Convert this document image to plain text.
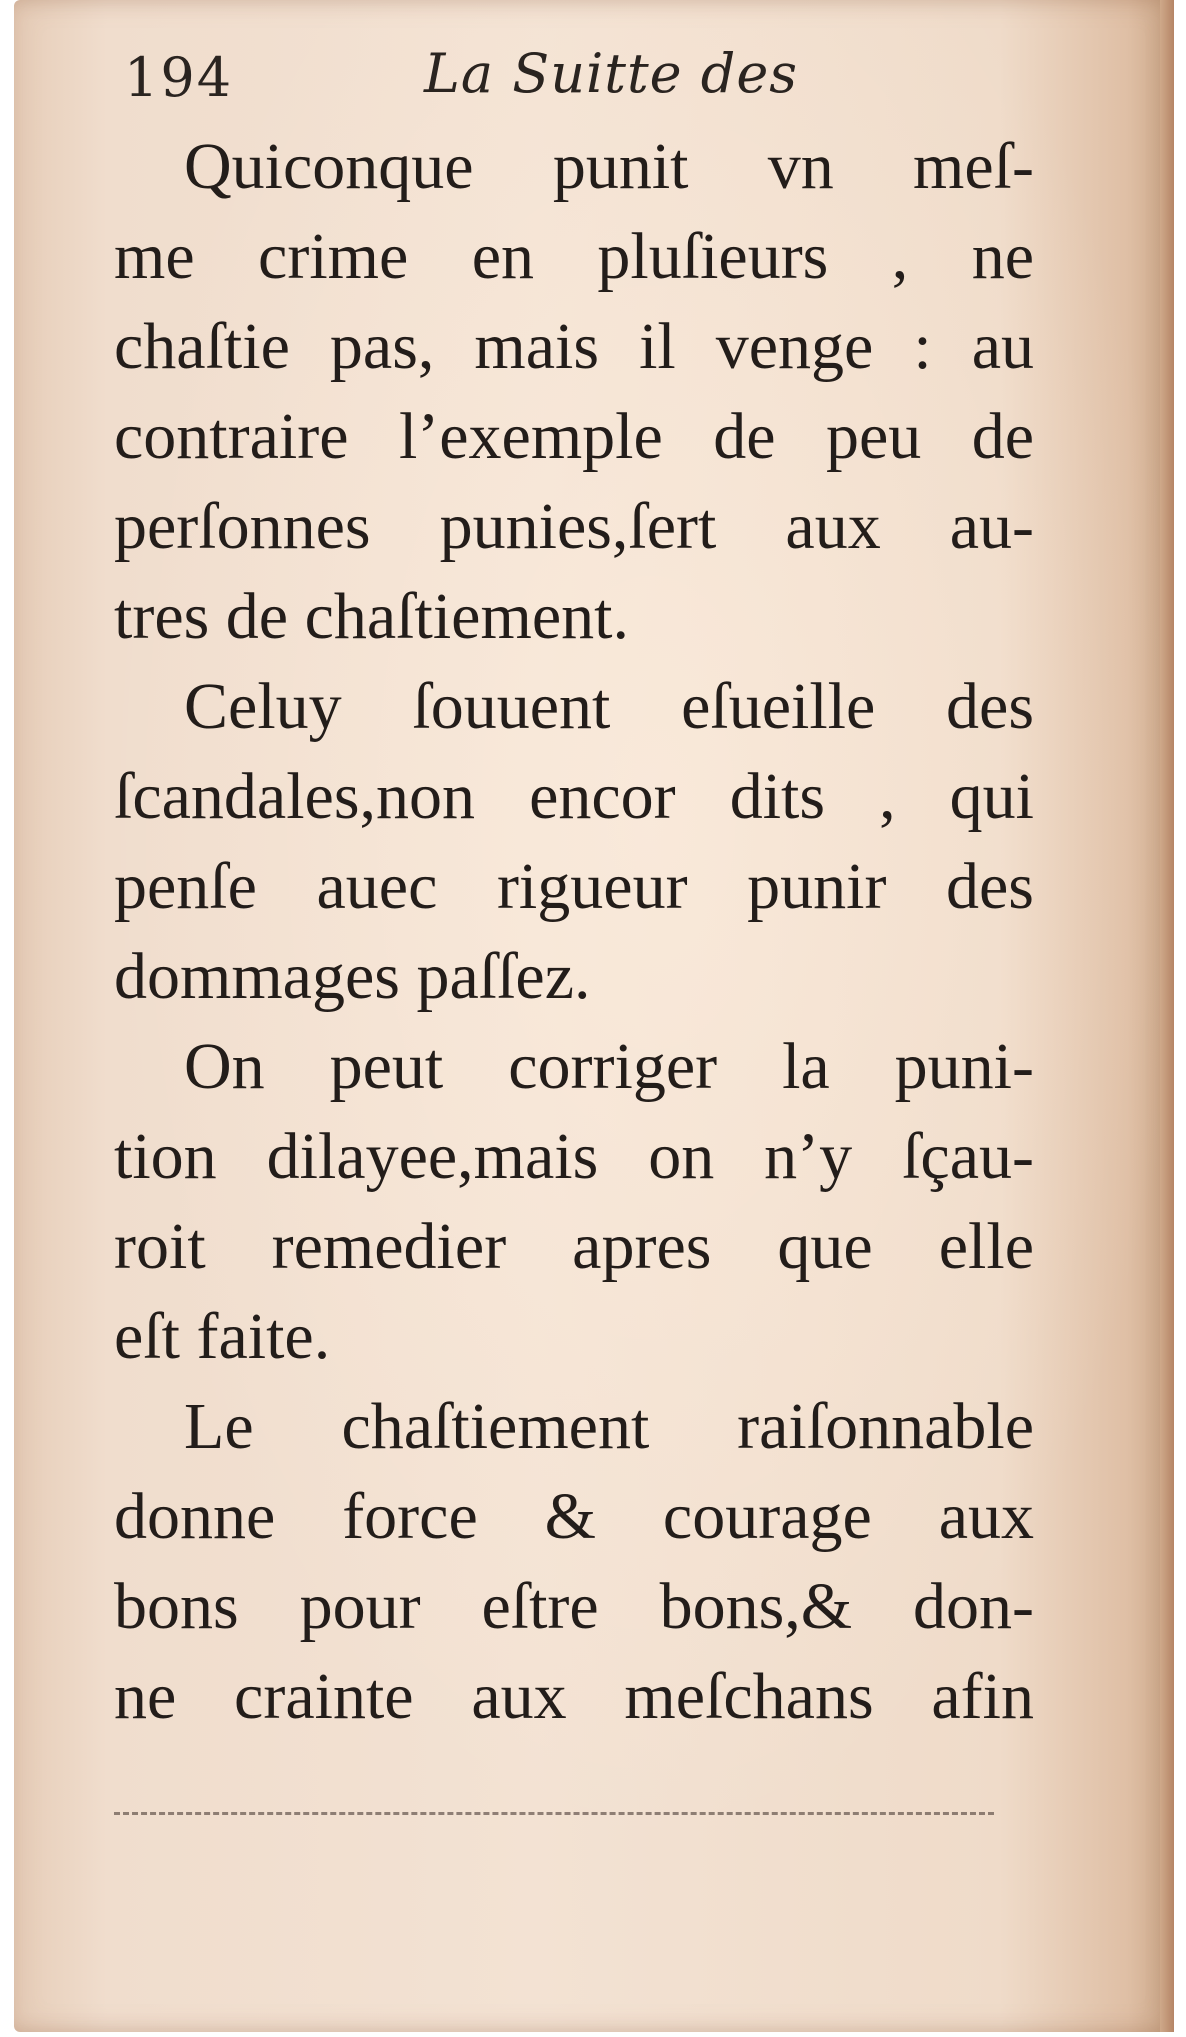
194	La Suitte des
Quiconque punit vn meſ-
me crime en pluſieurs , ne
chaſtie pas, mais il venge : au
contraire l’exemple de peu de
perſonnes punies,ſert aux au-
tres de chaſtiement.
Celuy ſouuent eſueille des
ſcandales,non encor dits , qui
penſe auec rigueur punir des
dommages paſſez.
On peut corriger la puni-
tion dilayee,mais on n’y ſçau-
roit remedier apres que elle
eſt faite.
Le chaſtiement raiſonnable
donne force & courage aux
bons pour eſtre bons,& don-
ne crainte aux meſchans afin
